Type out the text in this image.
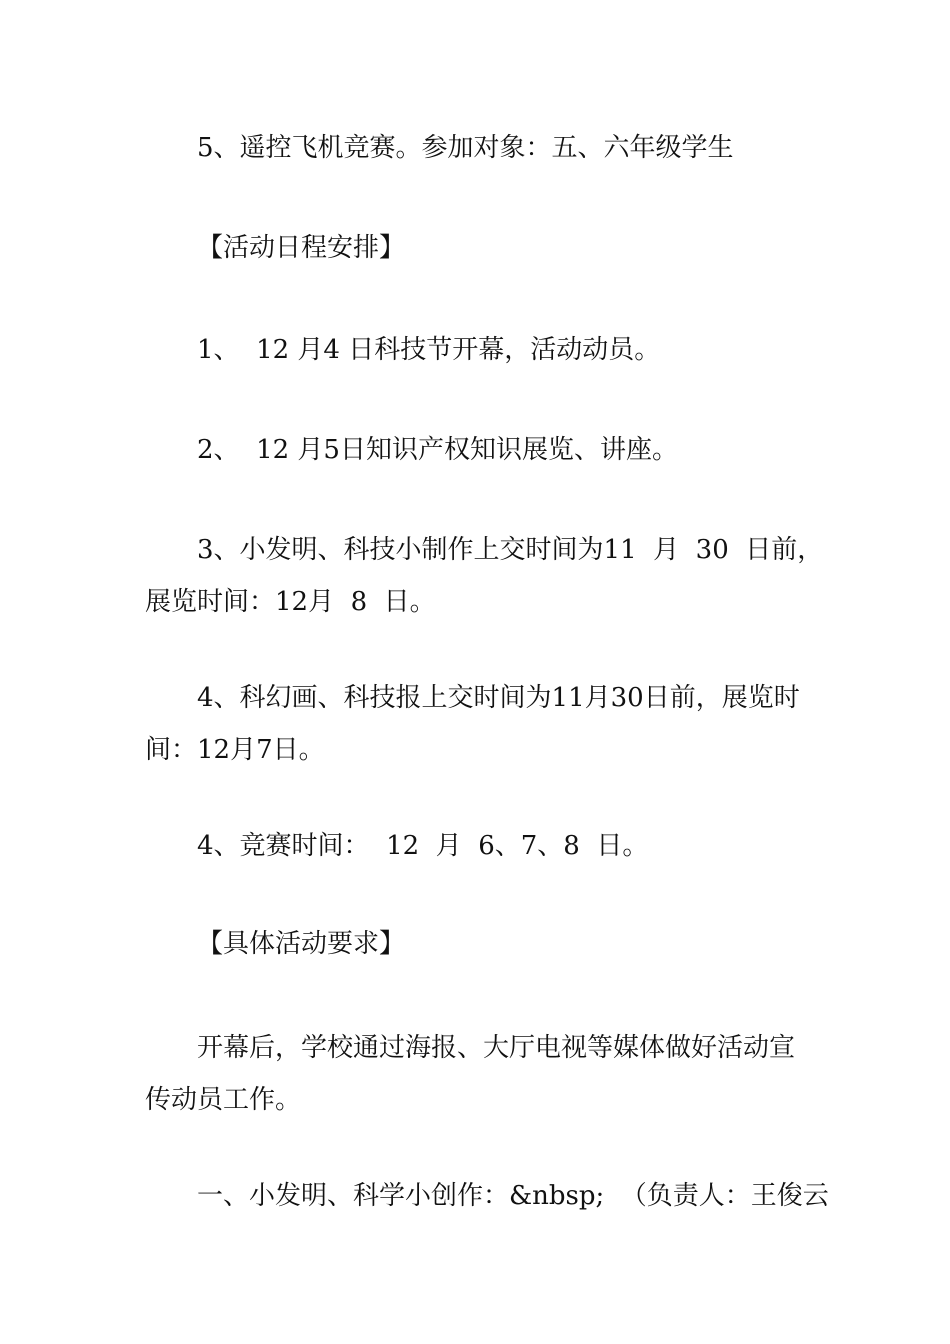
5、遥控飞机竞赛。参加对象：五、六年级学生

【活动日程安排】

1、  12 月4 日科技节开幕，活动动员。

2、  12 月5日知识产权知识展览、讲座。

3、小发明、科技小制作上交时间为11  月  30  日前，
展览时间：12月  8  日。

4、科幻画、科技报上交时间为11月30日前，展览时
间：12月7日。

4、竞赛时间：  12  月  6、7、8  日。

【具体活动要求】

开幕后，学校通过海报、大厅电视等媒体做好活动宣
传动员工作。

一、小发明、科学小创作：&nbsp;  （负责人：王俊云
